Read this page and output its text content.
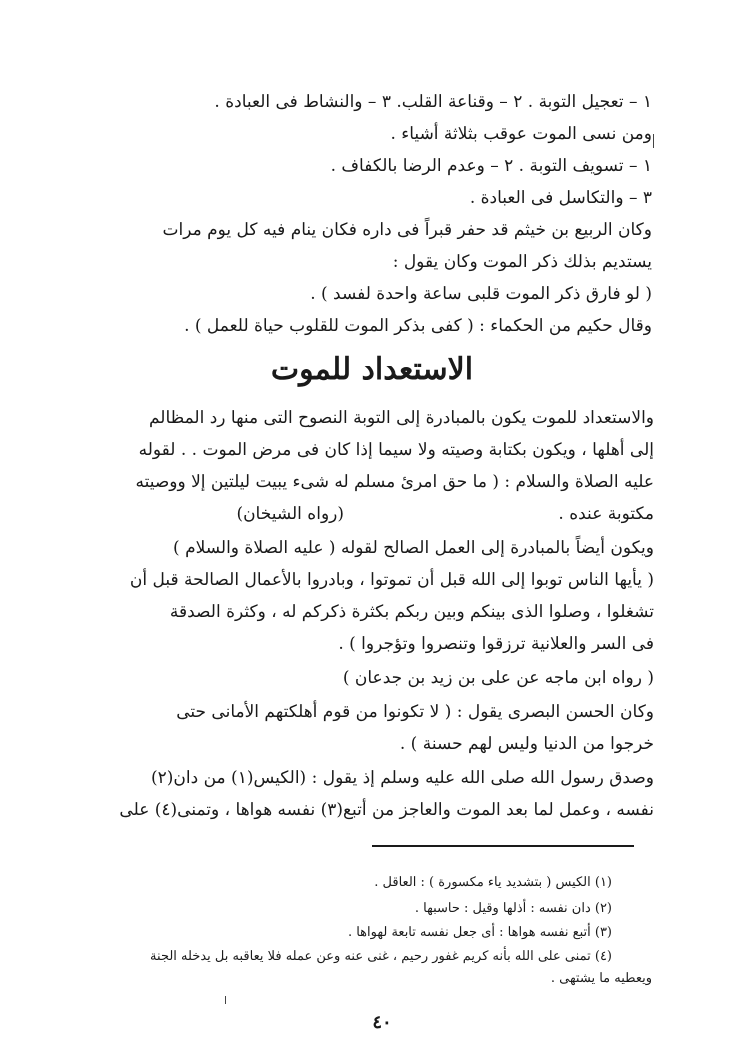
١ – تعجيل التوبة . ٢ – وقناعة القلب. ٣ – والنشاط فى العبادة .
ومن نسى الموت عوقب بثلاثة أشياء .
١ – تسويف التوبة . ٢ – وعدم الرضا بالكفاف .
٣ – والتكاسل فى العبادة .
وكان الربيع بن خيثم قد حفر قبراً فى داره فكان ينام فيه كل يوم مرات
يستديم بذلك ذكر الموت وكان يقول :
( لو فارق ذكر الموت قلبى ساعة واحدة لفسد ) .
وقال حكيم من الحكماء : ( كفى بذكر الموت للقلوب حياة للعمل ) .
الاستعداد للموت
والاستعداد للموت يكون بالمبادرة إلى التوبة النصوح التى منها رد المظالم
إلى أهلها ، ويكون بكتابة وصيته ولا سيما إذا كان فى مرض الموت . . لقوله
عليه الصلاة والسلام : ( ما حق امرئ مسلم له شىء يبيت ليلتين إلا ووصيته
مكتوبة عنده .
(رواه الشيخان)
ويكون أيضاً بالمبادرة إلى العمل الصالح لقوله ( عليه الصلاة والسلام )
( يأيها الناس توبوا إلى الله قبل أن تموتوا ، وبادروا بالأعمال الصالحة قبل أن
تشغلوا ، وصلوا الذى بينكم وبين ربكم بكثرة ذكركم له ، وكثرة الصدقة
فى السر والعلانية ترزقوا وتنصروا وتؤجروا ) .
( رواه ابن ماجه عن على بن زيد بن جدعان )
وكان الحسن البصرى يقول : ( لا تكونوا من قوم أهلكتهم الأمانى حتى
خرجوا من الدنيا وليس لهم حسنة ) .
وصدق رسول الله صلى الله عليه وسلم إذ يقول : (الكيس(١) من دان(٢)
نفسه ، وعمل لما بعد الموت والعاجز من أتبع(٣) نفسه هواها ، وتمنى(٤) على
(١) الكيس ( بتشديد ياء مكسورة ) : العاقل .
(٢) دان نفسه : أذلها وقيل : حاسبها .
(٣) أتبع نفسه هواها : أى جعل نفسه تابعة لهواها .
(٤) تمنى على الله بأنه كريم غفور رحيم ، غنى عنه وعن عمله فلا يعاقبه بل يدخله الجنة
ويعطيه ما يشتهى .
٤٠
